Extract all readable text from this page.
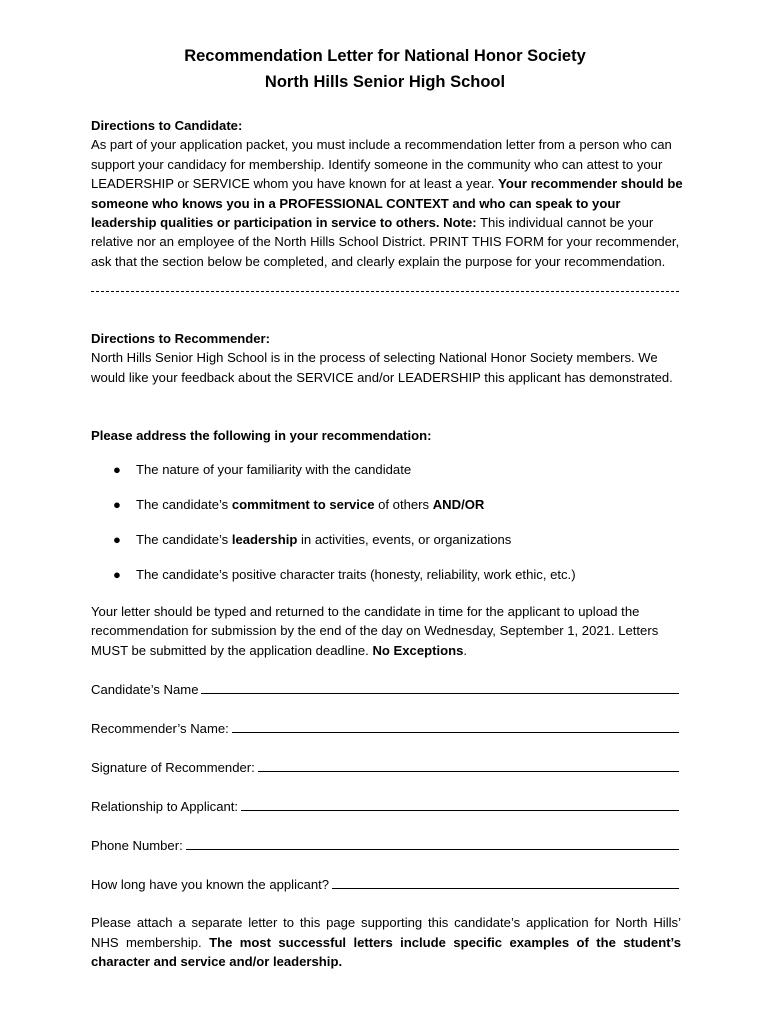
Recommendation Letter for National Honor Society
North Hills Senior High School

Directions to Candidate:

As part of your application packet, you must include a recommendation letter from a person who can support your candidacy for membership. Identify someone in the community who can attest to your LEADERSHIP or SERVICE whom you have known for at least a year. Your recommender should be someone who knows you in a PROFESSIONAL CONTEXT and who can speak to your leadership qualities or participation in service to others. Note: This individual cannot be your relative nor an employee of the North Hills School District. PRINT THIS FORM for your recommender, ask that the section below be completed, and clearly explain the purpose for your recommendation.

Directions to Recommender:

North Hills Senior High School is in the process of selecting National Honor Society members. We would like your feedback about the SERVICE and/or LEADERSHIP this applicant has demonstrated.

Please address the following in your recommendation:
● The nature of your familiarity with the candidate
● The candidate’s commitment to service of others AND/OR
● The candidate’s leadership in activities, events, or organizations
● The candidate’s positive character traits (honesty, reliability, work ethic, etc.)

Your letter should be typed and returned to the candidate in time for the applicant to upload the recommendation for submission by the end of the day on Wednesday, September 1, 2021. Letters MUST be submitted by the application deadline. No Exceptions.

Candidate’s Name
Recommender’s Name:
Signature of Recommender:
Relationship to Applicant:
Phone Number:
How long have you known the applicant?
Please attach a separate letter to this page supporting this candidate’s application for North Hills’ NHS membership. The most successful letters include specific examples of the student’s character and service and/or leadership.
